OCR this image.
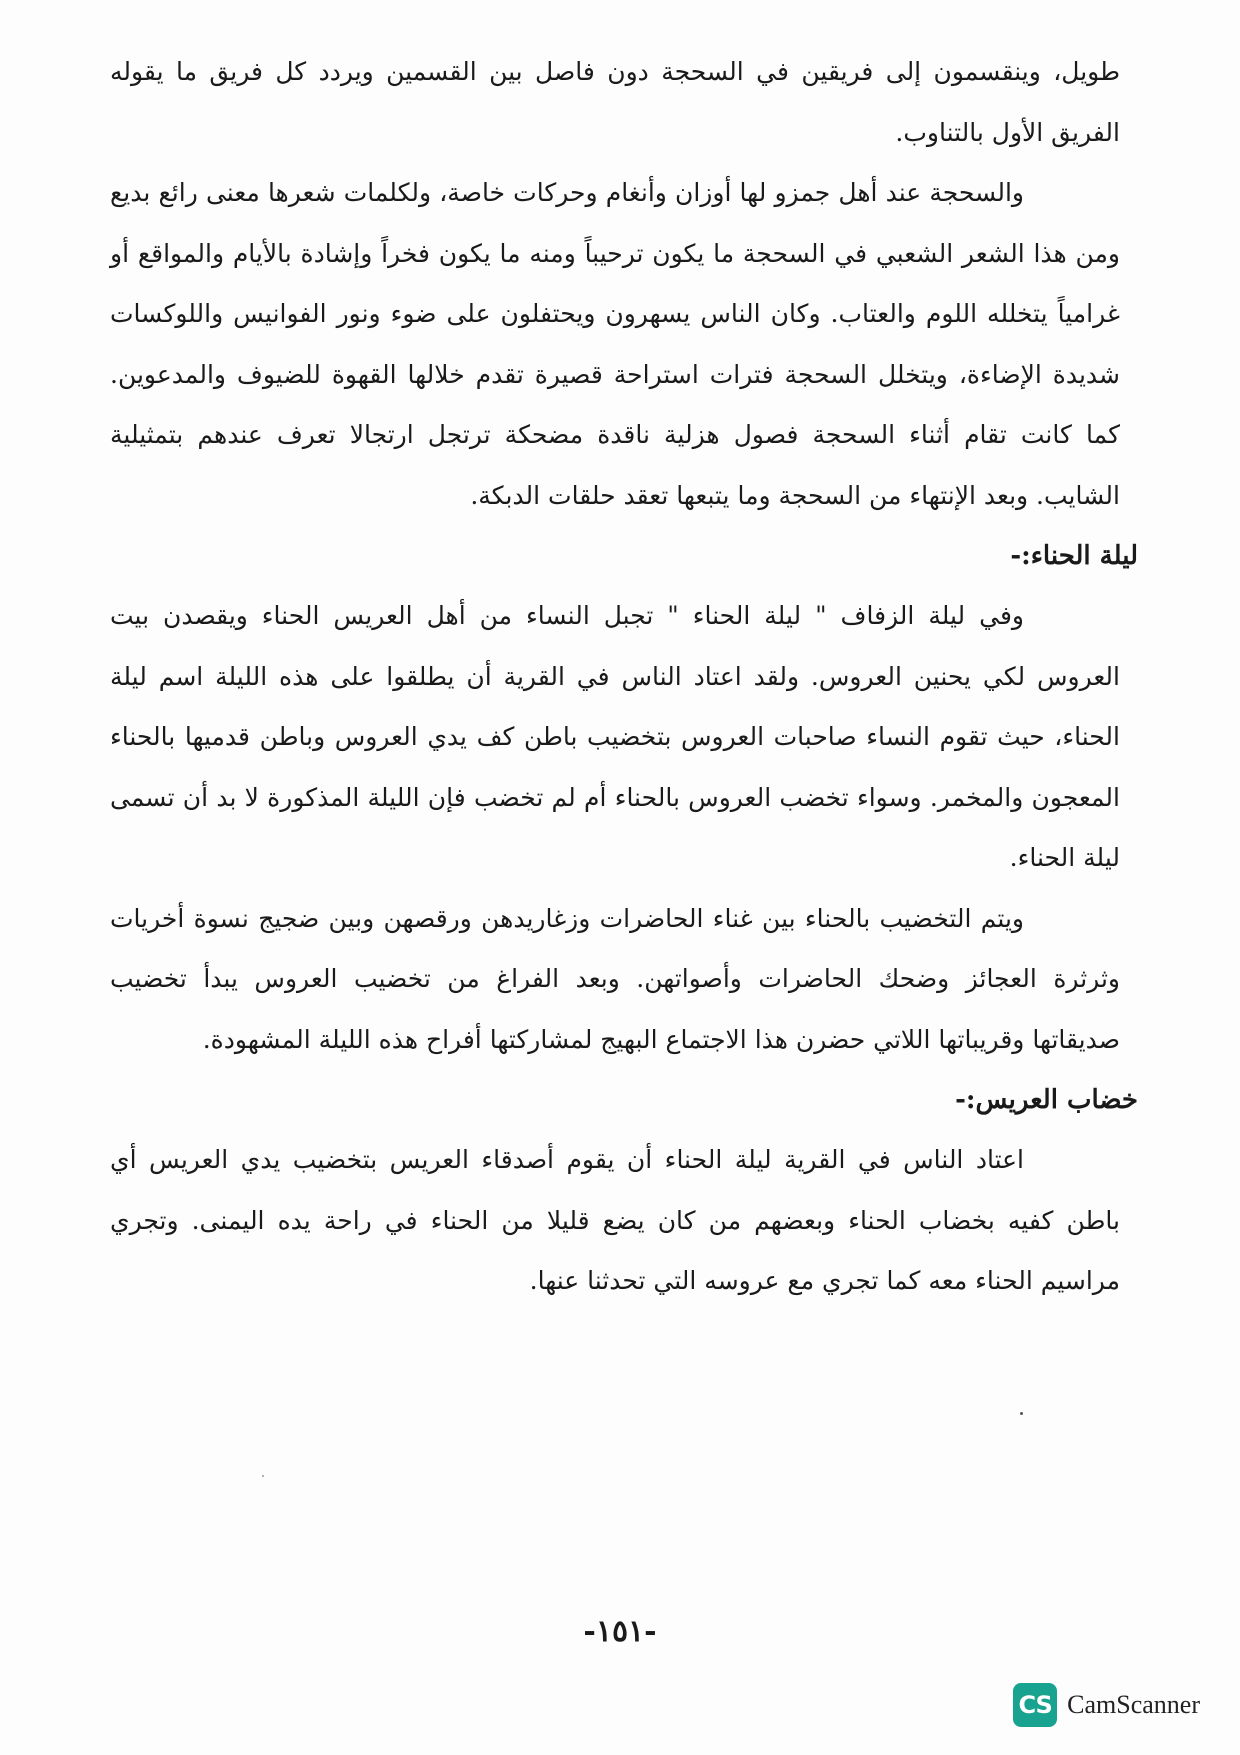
طويل، وينقسمون إلى فريقين في السحجة دون فاصل بين القسمين ويردد كل فريق ما يقوله الفريق الأول بالتناوب.

والسحجة عند أهل جمزو لها أوزان وأنغام وحركات خاصة، ولكلمات شعرها معنى رائع بديع ومن هذا الشعر الشعبي في السحجة ما يكون ترحيباً ومنه ما يكون فخراً وإشادة بالأيام والمواقع أو غرامياً يتخلله اللوم والعتاب. وكان الناس يسهرون ويحتفلون على ضوء ونور الفوانيس واللوكسات شديدة الإضاءة، ويتخلل السحجة فترات استراحة قصيرة تقدم خلالها القهوة للضيوف والمدعوين. كما كانت تقام أثناء السحجة فصول هزلية ناقدة مضحكة ترتجل ارتجالا تعرف عندهم بتمثيلية الشايب. وبعد الإنتهاء من السحجة وما يتبعها تعقد حلقات الدبكة.

ليلة الحناء:-

وفي ليلة الزفاف " ليلة الحناء " تجبل النساء من أهل العريس الحناء ويقصدن بيت العروس لكي يحنين العروس. ولقد اعتاد الناس في القرية أن يطلقوا على هذه الليلة اسم ليلة الحناء، حيث تقوم النساء صاحبات العروس بتخضيب باطن كف يدي العروس وباطن قدميها بالحناء المعجون والمخمر. وسواء تخضب العروس بالحناء أم لم تخضب فإن الليلة المذكورة لا بد أن تسمى ليلة الحناء.

ويتم التخضيب بالحناء بين غناء الحاضرات وزغاريدهن ورقصهن وبين ضجيج نسوة أخريات وثرثرة العجائز وضحك الحاضرات وأصواتهن. وبعد الفراغ من تخضيب العروس يبدأ تخضيب صديقاتها وقريباتها اللاتي حضرن هذا الاجتماع البهيج لمشاركتها أفراح هذه الليلة المشهودة.

خضاب العريس:-

اعتاد الناس في القرية ليلة الحناء أن يقوم أصدقاء العريس بتخضيب يدي العريس أي باطن كفيه بخضاب الحناء وبعضهم من كان يضع قليلا من الحناء في راحة يده اليمنى. وتجري مراسيم الحناء معه كما تجري مع عروسه التي تحدثنا عنها.

-١٥١-
CS CamScanner
